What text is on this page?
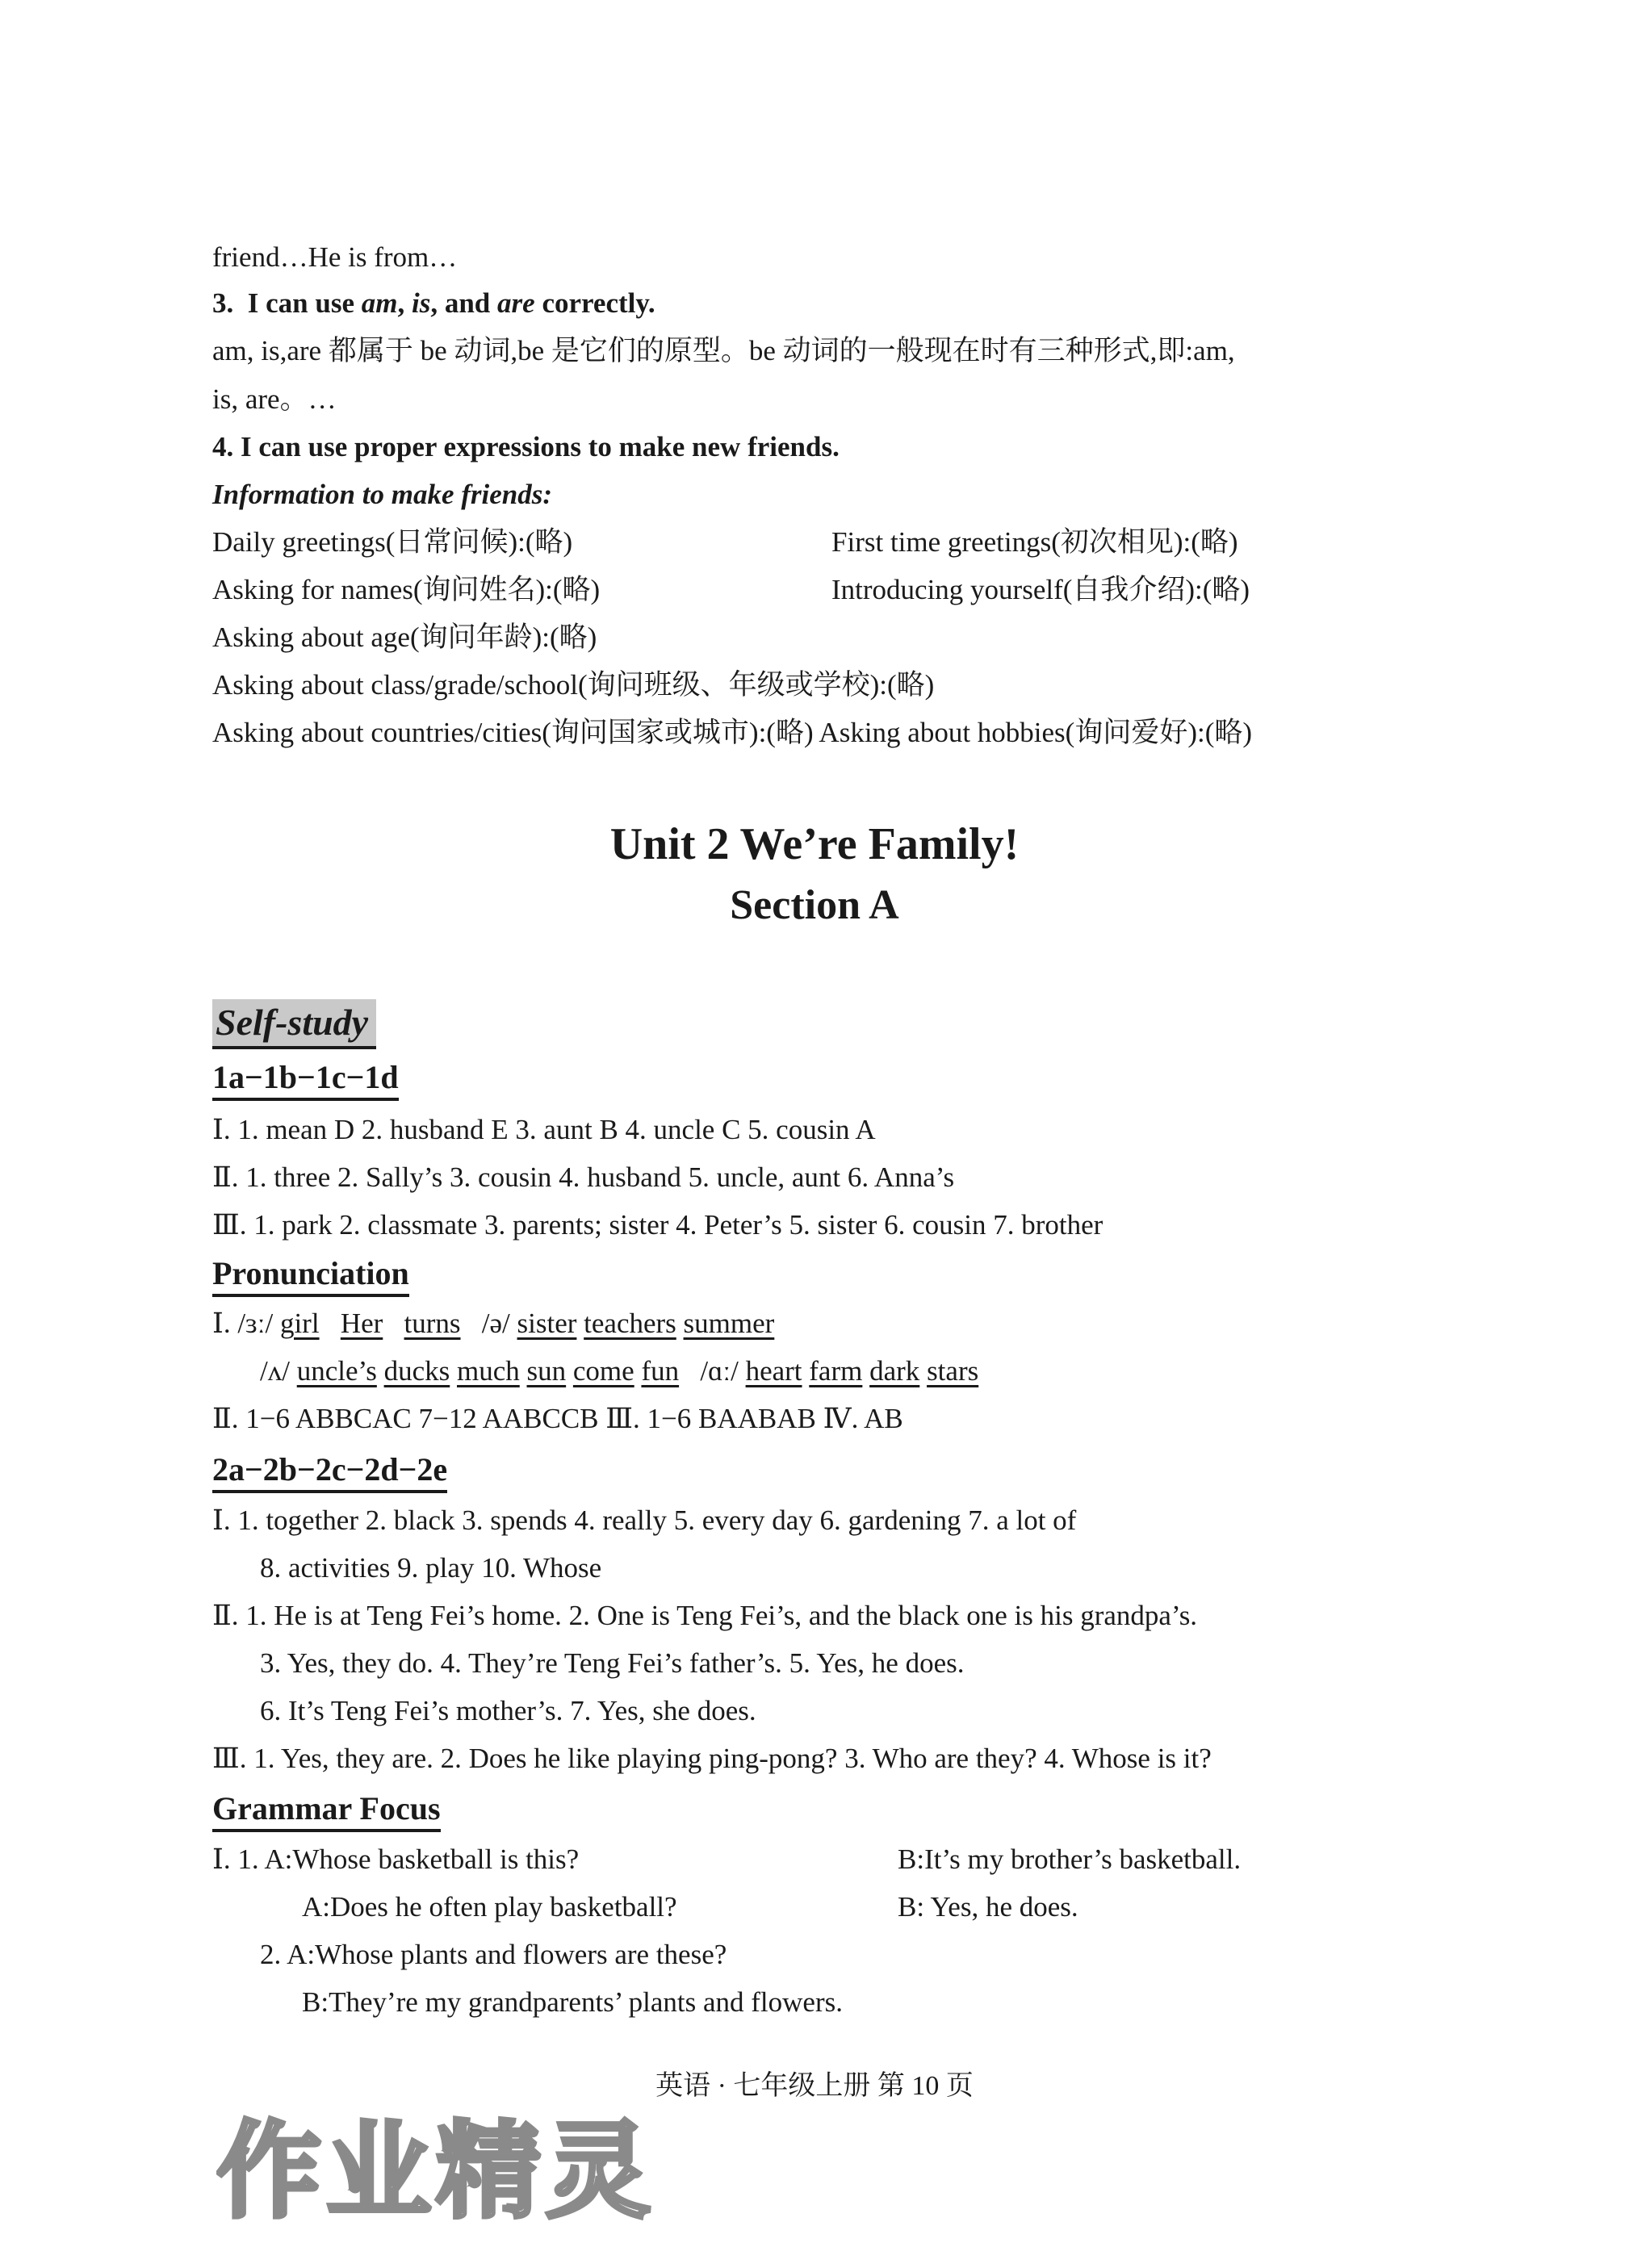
friend…He is from…
3. I can use am, is, and are correctly.
am, is,are 都属于 be 动词,be 是它们的原型。be 动词的一般现在时有三种形式,即:am,
is, are。…
4. I can use proper expressions to make new friends.
Information to make friends:
Daily greetings(日常问候):(略)	First time greetings(初次相见):(略)
Asking for names(询问姓名):(略)	Introducing yourself(自我介绍):(略)
Asking about age(询问年龄):(略)
Asking about class/grade/school(询问班级、年级或学校):(略)
Asking about countries/cities(询问国家或城市):(略) Asking about hobbies(询问爱好):(略)
Unit 2 We’re Family!
Section A
Self-study
1a−1b−1c−1d
Ⅰ. 1. mean D 2. husband E 3. aunt B 4. uncle C 5. cousin A
Ⅱ. 1. three 2. Sally’s 3. cousin 4. husband 5. uncle, aunt 6. Anna’s
Ⅲ. 1. park 2. classmate 3. parents; sister 4. Peter’s 5. sister 6. cousin 7. brother
Pronunciation
Ⅰ. /ɜː/ girl Her turns /ə/ sister teachers summer
/ʌ/ uncle’s ducks much sun come fun /ɑː/ heart farm dark stars
Ⅱ. 1−6 ABBCAC 7−12 AABCCB Ⅲ. 1−6 BAABAB Ⅳ. AB
2a−2b−2c−2d−2e
Ⅰ. 1. together 2. black 3. spends 4. really 5. every day 6. gardening 7. a lot of
8. activities 9. play 10. Whose
Ⅱ. 1. He is at Teng Fei’s home. 2. One is Teng Fei’s, and the black one is his grandpa’s.
3. Yes, they do. 4. They’re Teng Fei’s father’s. 5. Yes, he does.
6. It’s Teng Fei’s mother’s. 7. Yes, she does.
Ⅲ. 1. Yes, they are. 2. Does he like playing ping-pong? 3. Who are they? 4. Whose is it?
Grammar Focus
Ⅰ. 1. A:Whose basketball is this?	B:It’s my brother’s basketball.
A:Does he often play basketball?	B: Yes, he does.
2. A:Whose plants and flowers are these?
B:They’re my grandparents’ plants and flowers.
英语 · 七年级上册 第 10 页
作业精灵
